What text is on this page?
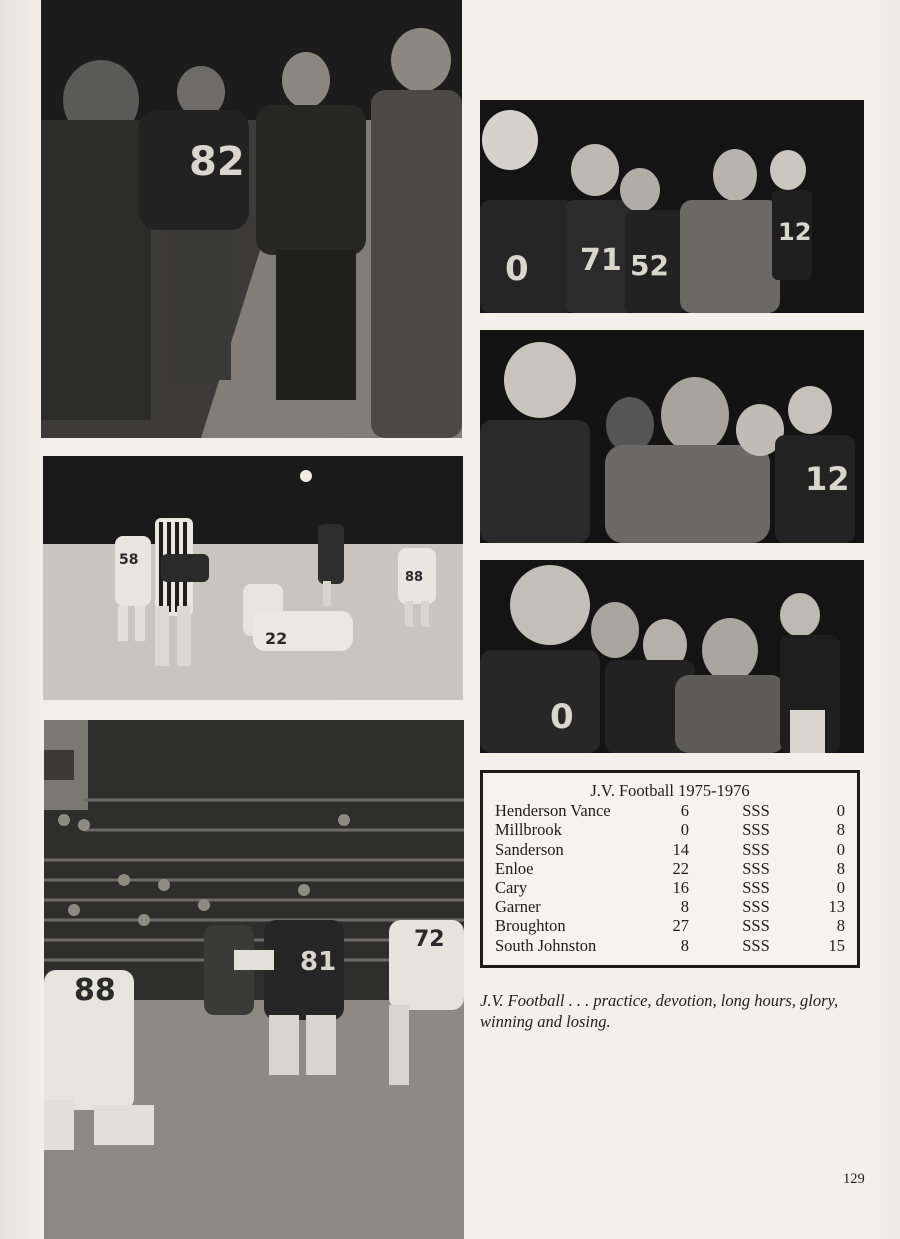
82
0 71 52
12
12
58
22
88
0
88
81
72
J.V. Football 1975-1976
Henderson Vance	6	SSS	0
Millbrook	0	SSS	8
Sanderson	14	SSS	0
Enloe	22	SSS	8
Cary	16	SSS	0
Garner	8	SSS	13
Broughton	27	SSS	8
South Johnston	8	SSS	15
J.V. Football . . . practice, devotion, long hours, glory, winning and losing.
129
